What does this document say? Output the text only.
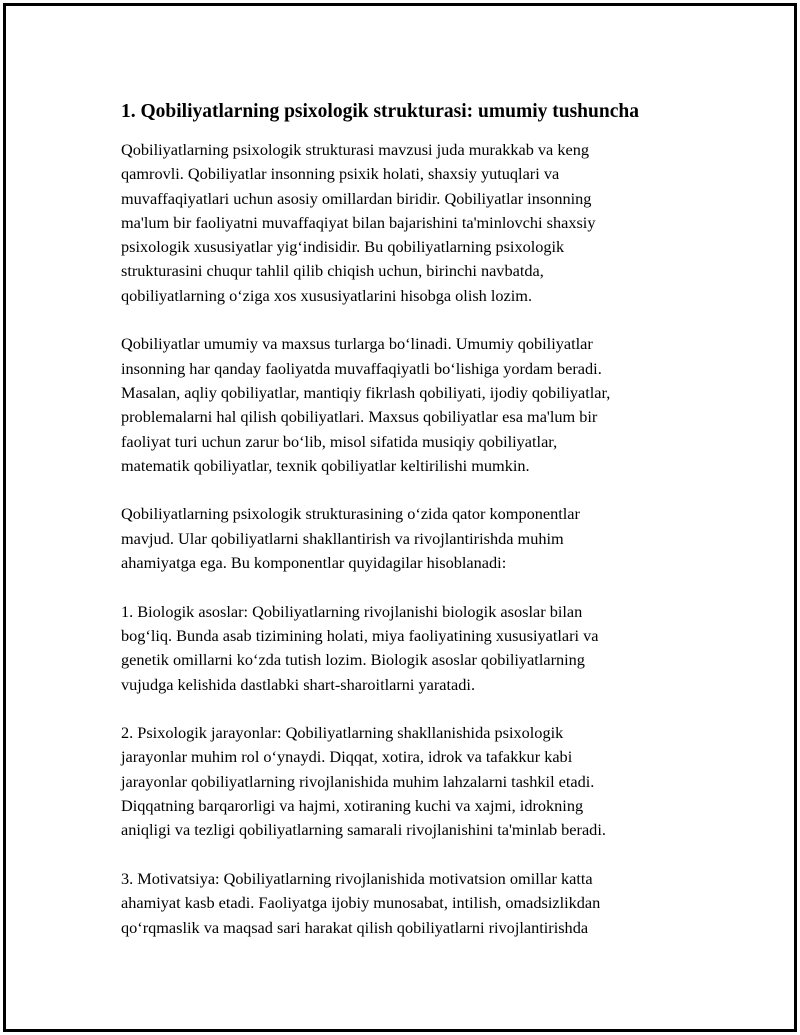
1. Qobiliyatlarning psixologik strukturasi: umumiy tushuncha

Qobiliyatlarning psixologik strukturasi mavzusi juda murakkab va keng
qamrovli. Qobiliyatlar insonning psixik holati, shaxsiy yutuqlari va
muvaffaqiyatlari uchun asosiy omillardan biridir. Qobiliyatlar insonning
ma'lum bir faoliyatni muvaffaqiyat bilan bajarishini ta'minlovchi shaxsiy
psixologik xususiyatlar yig‘indisidir. Bu qobiliyatlarning psixologik
strukturasini chuqur tahlil qilib chiqish uchun, birinchi navbatda,
qobiliyatlarning o‘ziga xos xususiyatlarini hisobga olish lozim.

Qobiliyatlar umumiy va maxsus turlarga bo‘linadi. Umumiy qobiliyatlar
insonning har qanday faoliyatda muvaffaqiyatli bo‘lishiga yordam beradi.
Masalan, aqliy qobiliyatlar, mantiqiy fikrlash qobiliyati, ijodiy qobiliyatlar,
problemalarni hal qilish qobiliyatlari. Maxsus qobiliyatlar esa ma'lum bir
faoliyat turi uchun zarur bo‘lib, misol sifatida musiqiy qobiliyatlar,
matematik qobiliyatlar, texnik qobiliyatlar keltirilishi mumkin.

Qobiliyatlarning psixologik strukturasining o‘zida qator komponentlar
mavjud. Ular qobiliyatlarni shakllantirish va rivojlantirishda muhim
ahamiyatga ega. Bu komponentlar quyidagilar hisoblanadi:

1. Biologik asoslar: Qobiliyatlarning rivojlanishi biologik asoslar bilan
bog‘liq. Bunda asab tizimining holati, miya faoliyatining xususiyatlari va
genetik omillarni ko‘zda tutish lozim. Biologik asoslar qobiliyatlarning
vujudga kelishida dastlabki shart-sharoitlarni yaratadi.

2. Psixologik jarayonlar: Qobiliyatlarning shakllanishida psixologik
jarayonlar muhim rol o‘ynaydi. Diqqat, xotira, idrok va tafakkur kabi
jarayonlar qobiliyatlarning rivojlanishida muhim lahzalarni tashkil etadi.
Diqqatning barqarorligi va hajmi, xotiraning kuchi va xajmi, idrokning
aniqligi va tezligi qobiliyatlarning samarali rivojlanishini ta'minlab beradi.

3. Motivatsiya: Qobiliyatlarning rivojlanishida motivatsion omillar katta
ahamiyat kasb etadi. Faoliyatga ijobiy munosabat, intilish, omadsizlikdan
qo‘rqmaslik va maqsad sari harakat qilish qobiliyatlarni rivojlantirishda
